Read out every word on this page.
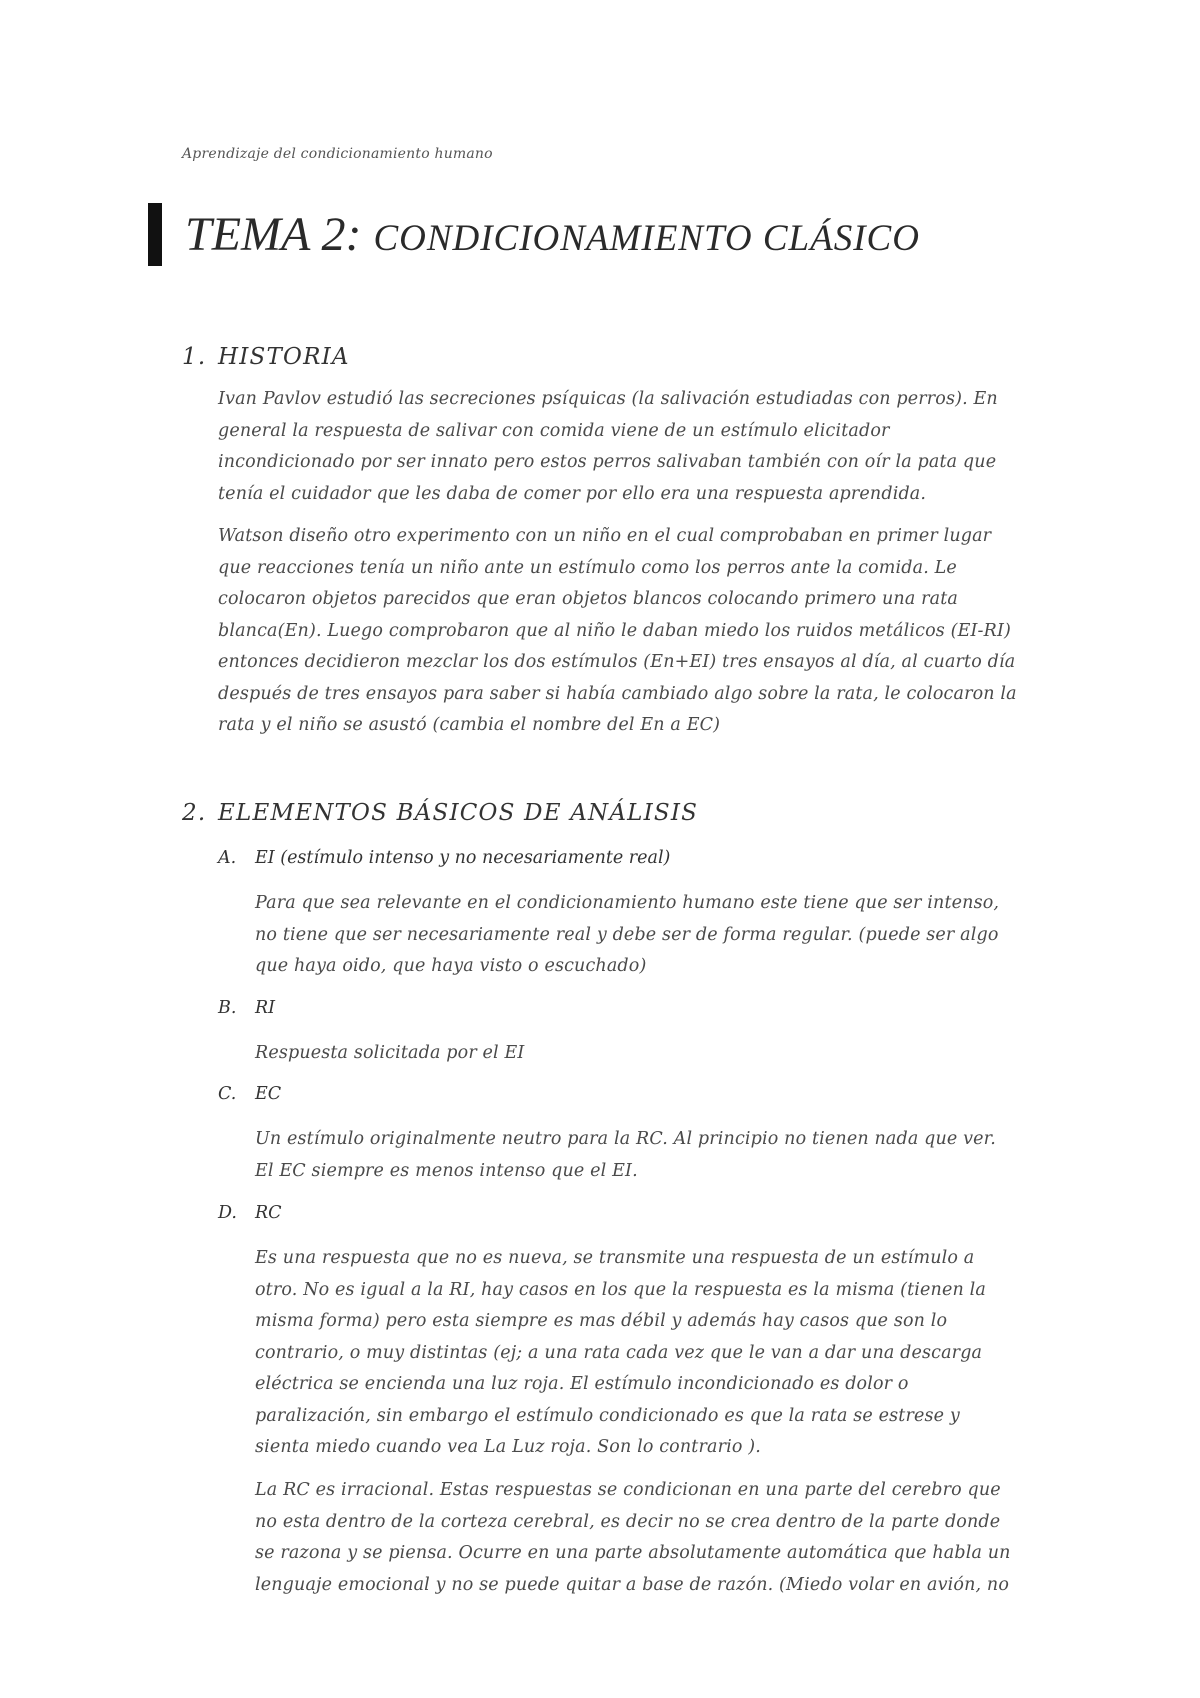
Aprendizaje del condicionamiento humano
TEMA 2: CONDICIONAMIENTO CLÁSICO
1. HISTORIA
Ivan Pavlov estudió las secreciones psíquicas (la salivación estudiadas con perros). En general la respuesta de salivar con comida viene de un estímulo elicitador incondicionado por ser innato pero estos perros salivaban también con oír la pata que tenía el cuidador que les daba de comer por ello era una respuesta aprendida.
Watson diseño otro experimento con un niño en el cual comprobaban en primer lugar que reacciones tenía un niño ante un estímulo como los perros ante la comida. Le colocaron objetos parecidos que eran objetos blancos colocando primero una rata blanca(En). Luego comprobaron que al niño le daban miedo los ruidos metálicos (EI-RI) entonces decidieron mezclar los dos estímulos (En+EI) tres ensayos al día, al cuarto día después de tres ensayos para saber si había cambiado algo sobre la rata, le colocaron la rata y el niño se asustó (cambia el nombre del En a EC)
2. ELEMENTOS BÁSICOS DE ANÁLISIS
A. EI (estímulo intenso y no necesariamente real)
Para que sea relevante en el condicionamiento humano este tiene que ser intenso, no tiene que ser necesariamente real y debe ser de forma regular. (puede ser algo que haya oido, que haya visto o escuchado)
B. RI
Respuesta solicitada por el EI
C. EC
Un estímulo originalmente neutro para la RC. Al principio no tienen nada que ver. El EC siempre es menos intenso que el EI.
D. RC
Es una respuesta que no es nueva, se transmite una respuesta de un estímulo a otro. No es igual a la RI, hay casos en los que la respuesta es la misma (tienen la misma forma) pero esta siempre es mas débil y además hay casos que son lo contrario, o muy distintas (ej; a una rata cada vez que le van a dar una descarga eléctrica se encienda una luz roja. El estímulo incondicionado es dolor o paralización, sin embargo el estímulo condicionado es que la rata se estrese y sienta miedo cuando vea La Luz roja. Son lo contrario ).
La RC es irracional. Estas respuestas se condicionan en una parte del cerebro que no esta dentro de la corteza cerebral, es decir no se crea dentro de la parte donde se razona y se piensa. Ocurre en una parte absolutamente automática que habla un lenguaje emocional y no se puede quitar a base de razón. (Miedo volar en avión, no
